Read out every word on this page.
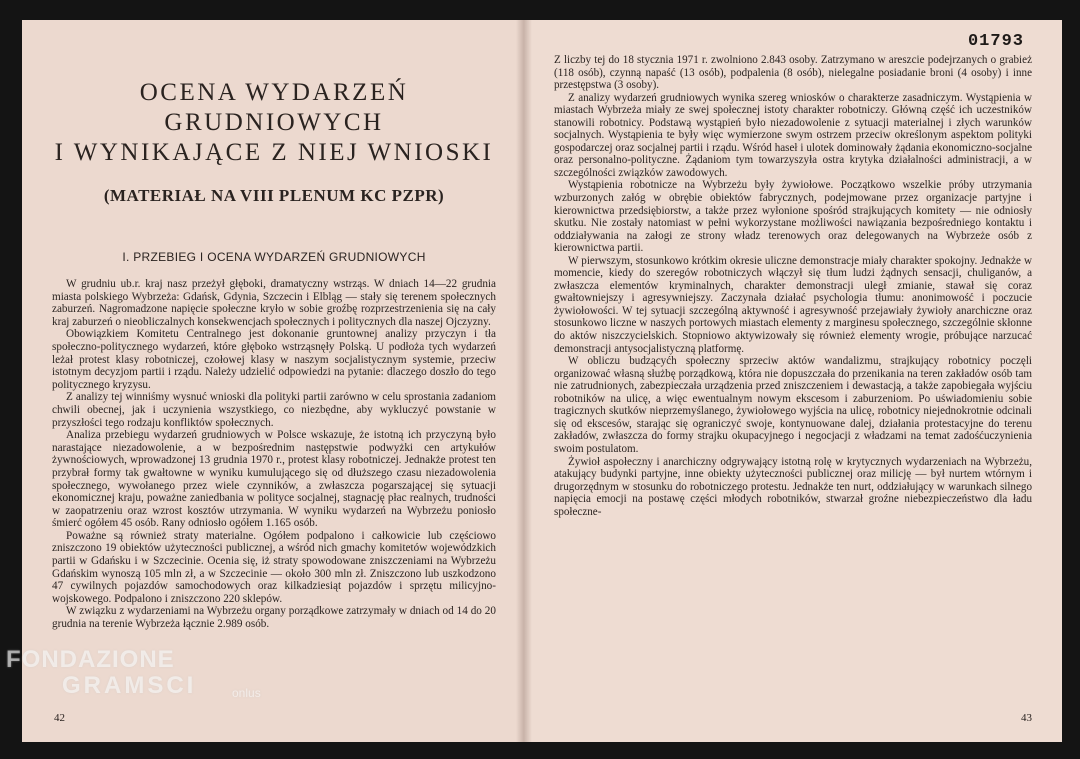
OCENA WYDARZEŃ GRUDNIOWYCH
I WYNIKAJĄCE Z NIEJ WNIOSKI
(MATERIAŁ NA VIII PLENUM KC PZPR)
I. PRZEBIEG I OCENA WYDARZEŃ GRUDNIOWYCH

W grudniu ub.r. kraj nasz przeżył głęboki, dramatyczny wstrząs. W dniach 14—22 grudnia miasta polskiego Wybrzeża: Gdańsk, Gdynia, Szczecin i Elbląg — stały się terenem społecznych zaburzeń. Nagromadzone napięcie społeczne kryło w sobie groźbę rozprzestrzenienia się na cały kraj zaburzeń o nieobliczalnych konsekwencjach społecznych i politycznych dla naszej Ojczyzny.

Obowiązkiem Komitetu Centralnego jest dokonanie gruntownej analizy przyczyn i tła społeczno-politycznego wydarzeń, które głęboko wstrząsnęły Polską. U podłoża tych wydarzeń leżał protest klasy robotniczej, czołowej klasy w naszym socjalistycznym systemie, przeciw istotnym decyzjom partii i rządu. Należy udzielić odpowiedzi na pytanie: dlaczego doszło do tego politycznego kryzysu.

Z analizy tej winniśmy wysnuć wnioski dla polityki partii zarówno w celu sprostania zadaniom chwili obecnej, jak i uczynienia wszystkiego, co niezbędne, aby wykluczyć powstanie w przyszłości tego rodzaju konfliktów społecznych.

Analiza przebiegu wydarzeń grudniowych w Polsce wskazuje, że istotną ich przyczyną było narastające niezadowolenie, a w bezpośrednim następstwie podwyżki cen artykułów żywnościowych, wprowadzonej 13 grudnia 1970 r., protest klasy robotniczej. Jednakże protest ten przybrał formy tak gwałtowne w wyniku kumulującego się od dłuższego czasu niezadowolenia społecznego, wywołanego przez wiele czynników, a zwłaszcza pogarszającej się sytuacji ekonomicznej kraju, poważne zaniedbania w polityce socjalnej, stagnację płac realnych, trudności w zaopatrzeniu oraz wzrost kosztów utrzymania. W wyniku wydarzeń na Wybrzeżu poniosło śmierć ogółem 45 osób. Rany odniosło ogółem 1.165 osób.

Poważne są również straty materialne. Ogółem podpalono i całkowicie lub częściowo zniszczono 19 obiektów użyteczności publicznej, a wśród nich gmachy komitetów wojewódzkich partii w Gdańsku i w Szczecinie. Ocenia się, iż straty spowodowane zniszczeniami na Wybrzeżu Gdańskim wynoszą 105 mln zł, a w Szczecinie — około 300 mln zł. Zniszczono lub uszkodzono 47 cywilnych pojazdów samochodowych oraz kilkadziesiąt pojazdów i sprzętu milicyjno-wojskowego. Podpalono i zniszczono 220 sklepów.

W związku z wydarzeniami na Wybrzeżu organy porządkowe zatrzymały w dniach od 14 do 20 grudnia na terenie Wybrzeża łącznie 2.989 osób.

42
01793

Z liczby tej do 18 stycznia 1971 r. zwolniono 2.843 osoby. Zatrzymano w areszcie podejrzanych o grabież (118 osób), czynną napaść (13 osób), podpalenia (8 osób), nielegalne posiadanie broni (4 osoby) i inne przestępstwa (3 osoby).

Z analizy wydarzeń grudniowych wynika szereg wniosków o charakterze zasadniczym. Wystąpienia w miastach Wybrzeża miały ze swej społecznej istoty charakter robotniczy. Główną część ich uczestników stanowili robotnicy. Podstawą wystąpień było niezadowolenie z sytuacji materialnej i złych warunków socjalnych. Wystąpienia te były więc wymierzone swym ostrzem przeciw określonym aspektom polityki gospodarczej oraz socjalnej partii i rządu. Wśród haseł i ulotek dominowały żądania ekonomiczno-socjalne oraz personalno-polityczne. Żądaniom tym towarzyszyła ostra krytyka działalności administracji, a w szczególności związków zawodowych.

Wystąpienia robotnicze na Wybrzeżu były żywiołowe. Początkowo wszelkie próby utrzymania wzburzonych załóg w obrębie obiektów fabrycznych, podejmowane przez organizacje partyjne i kierownictwa przedsiębiorstw, a także przez wyłonione spośród strajkujących komitety — nie odniosły skutku. Nie zostały natomiast w pełni wykorzystane możliwości nawiązania bezpośredniego kontaktu i oddziaływania na załogi ze strony władz terenowych oraz delegowanych na Wybrzeże osób z kierownictwa partii.

W pierwszym, stosunkowo krótkim okresie uliczne demonstracje miały charakter spokojny. Jednakże w momencie, kiedy do szeregów robotniczych włączył się tłum ludzi żądnych sensacji, chuliganów, a zwłaszcza elementów kryminalnych, charakter demonstracji uległ zmianie, stawał się coraz gwałtowniejszy i agresywniejszy. Zaczynała działać psychologia tłumu: anonimowość i poczucie żywiołowości. W tej sytuacji szczególną aktywność i agresywność przejawiały żywioły anarchiczne oraz stosunkowo liczne w naszych portowych miastach elementy z marginesu społecznego, szczególnie skłonne do aktów niszczycielskich. Stopniowo aktywizowały się również elementy wrogie, próbujące narzucać demonstracji antysocjalistyczną platformę.

W obliczu budzącyćh społeczny sprzeciw aktów wandalizmu, strajkujący robotnicy poczęli organizować własną służbę porządkową, która nie dopuszczała do przenikania na teren zakładów osób tam nie zatrudnionych, zabezpieczała urządzenia przed zniszczeniem i dewastacją, a także zapobiegała wyjściu robotników na ulicę, a więc ewentualnym nowym ekscesom i zaburzeniom. Po uświadomieniu sobie tragicznych skutków nieprzemyślanego, żywiołowego wyjścia na ulicę, robotnicy niejednokrotnie odcinali się od ekscesów, starając się ograniczyć swoje, kontynuowane dalej, działania protestacyjne do terenu zakładów, zwłaszcza do formy strajku okupacyjnego i negocjacji z władzami na temat zadośćuczynienia swoim postulatom.

Żywioł aspołeczny i anarchiczny odgrywający istotną rolę w krytycznych wydarzeniach na Wybrzeżu, atakujący budynki partyjne, inne obiekty użyteczności publicznej oraz milicję — był nurtem wtórnym i drugorzędnym w stosunku do robotniczego protestu. Jednakże ten nurt, oddziałujący w warunkach silnego napięcia emocji na postawę części młodych robotników, stwarzał groźne niebezpieczeństwo dla ładu społeczne-

43
FONDAZIONE
GRAMSCI	onlus
